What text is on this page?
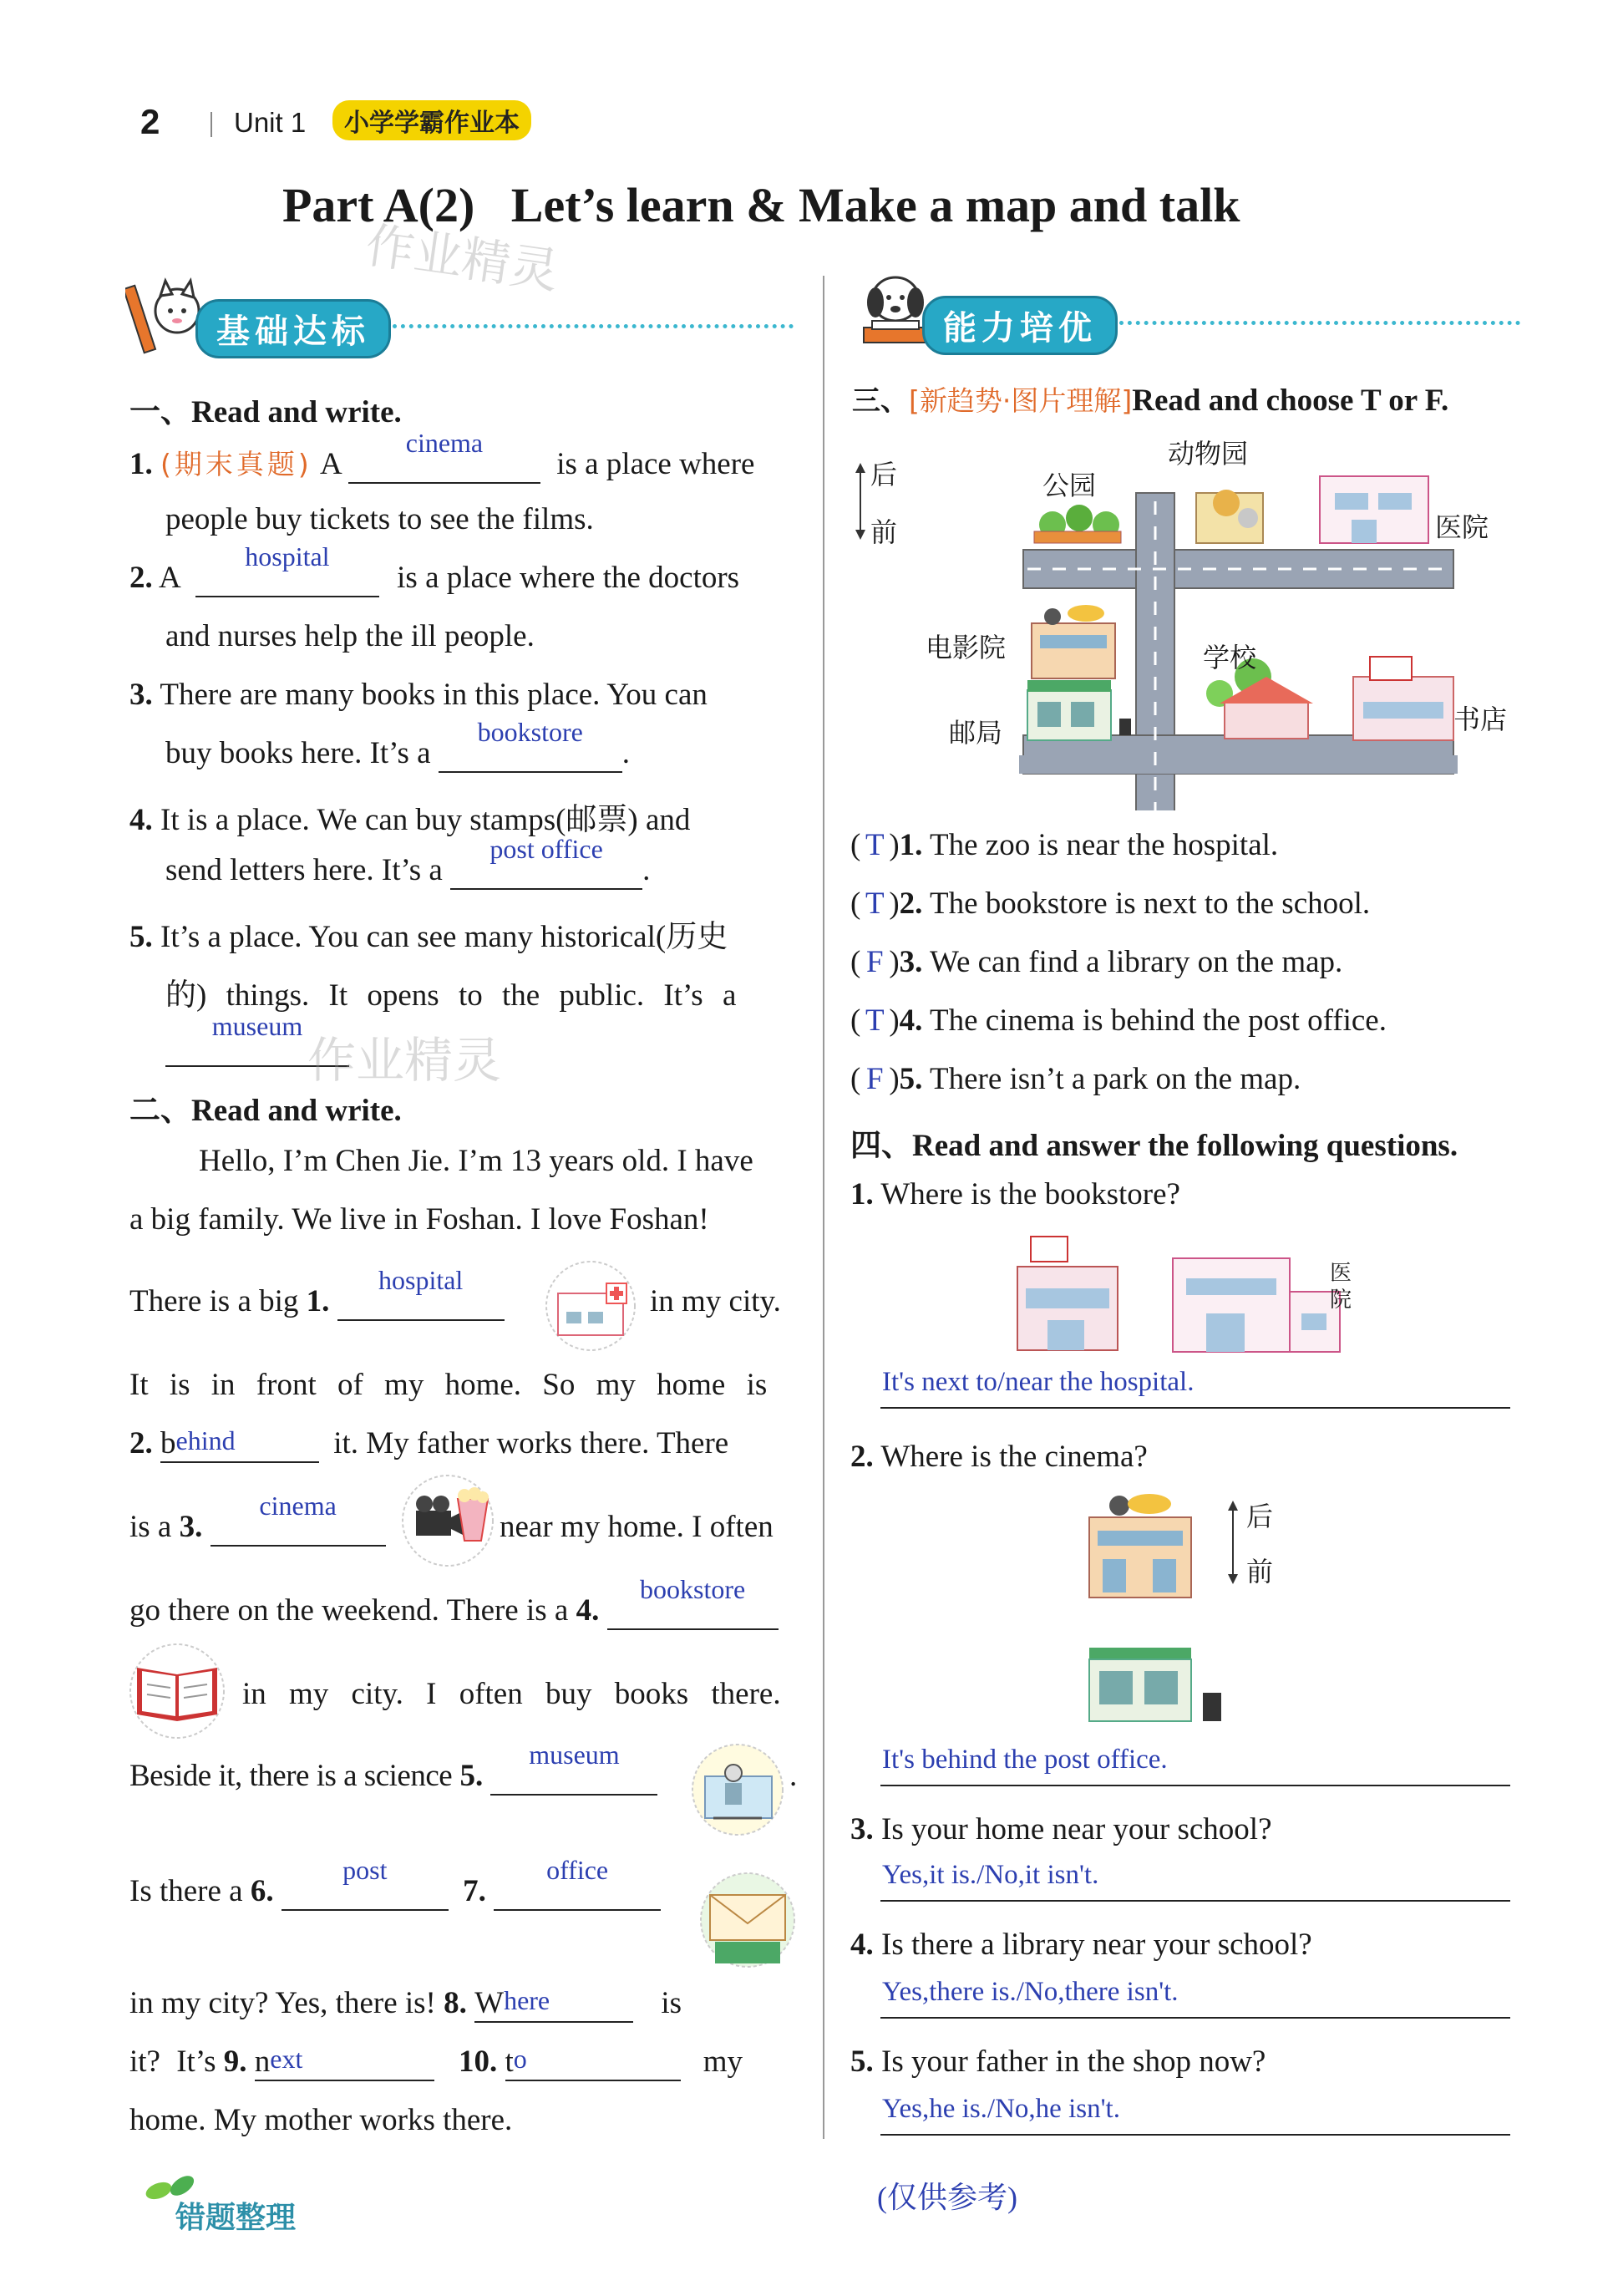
2	Unit 1	小学学霸作业本
Part A(2)   Let’s learn & Make a map and talk
作业精灵
基础达标	能力培优
一、Read and write.
1. (期末真题) A cinema is a place where
people buy tickets to see the films.
2. A hospital is a place where the doctors
and nurses help the ill people.
3. There are many books in this place. You can
buy books here. It’s a bookstore.
4. It is a place. We can buy stamps(邮票) and
send letters here. It’s a post office.
5. It’s a place. You can see many historical(历史
的) things. It opens to the public. It’s a
museum
作业精灵
二、Read and write.
Hello, I’m Chen Jie. I’m 13 years old. I have
a big family. We live in Foshan. I love Foshan!
There is a big 1. hospital
in my city.
It is in front of my home. So my home is
2. behind	it. My father works there. There
is a 3. cinema
near my home. I often
go there on the weekend. There is a 4. bookstore
in my city. I often buy books there.
Beside it, there is a science 5. museum
.
Is there a 6. post 7. office
in my city? Yes, there is! 8. Where	is
it? It’s 9. next	10. to	my
home. My mother works there.
三、[新趋势·图片理解]Read and choose T or F.
后
前
公园
动物园
医院
电影院	学校
邮局	书店
( T )1. The zoo is near the hospital.
( T )2. The bookstore is next to the school.
( F )3. We can find a library on the map.
( T )4. The cinema is behind the post office.
( F )5. There isn’t a park on the map.
四、Read and answer the following questions.
1. Where is the bookstore?
医院
It's next to/near the hospital.
2. Where is the cinema?
后
前
It's behind the post office.
3. Is your home near your school?
Yes,it is./No,it isn't.
4. Is there a library near your school?
Yes,there is./No,there isn't.
5. Is your father in the shop now?
Yes,he is./No,he isn't.
错题整理
(仅供参考)
